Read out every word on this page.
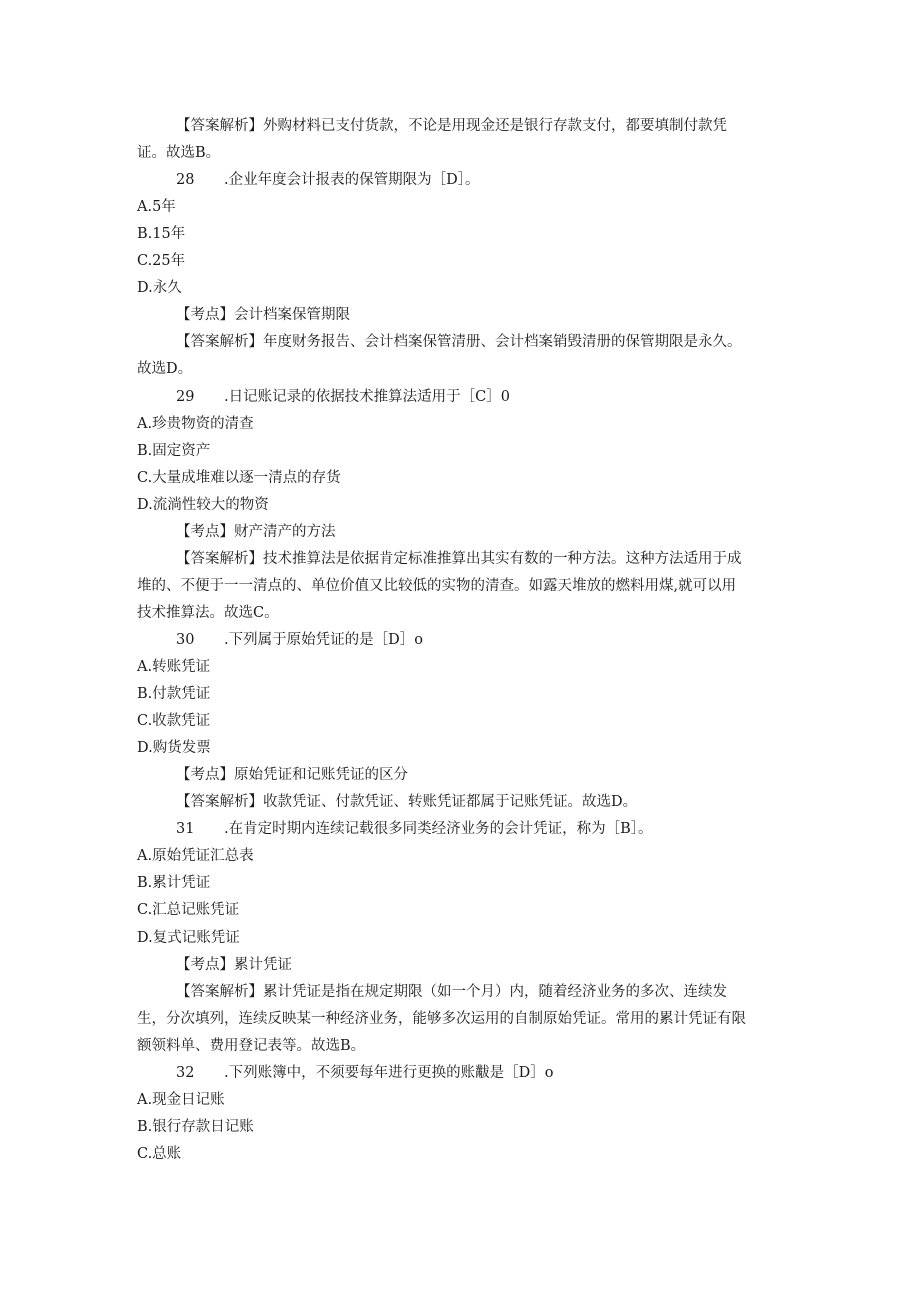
【答案解析】外购材料已支付货款，不论是用现金还是银行存款支付，都要填制付款凭
证。故选B。
28 .企业年度会计报表的保管期限为［D］。
A.5年
B.15年
C.25年
D.永久
【考点】会计档案保管期限
【答案解析】年度财务报告、会计档案保管清册、会计档案销毁清册的保管期限是永久。
故选D。
29 .日记账记录的依据技术推算法适用于［C］0
A.珍贵物资的清查
B.固定资产
C.大量成堆难以逐一清点的存货
D.流淌性较大的物资
【考点】财产清产的方法
【答案解析】技术推算法是依据肯定标准推算出其实有数的一种方法。这种方法适用于成
堆的、不便于一一清点的、单位价值又比较低的实物的清查。如露天堆放的燃料用煤,就可以用
技术推算法。故选C。
30 .下列属于原始凭证的是［D］o
A.转账凭证
B.付款凭证
C.收款凭证
D.购货发票
【考点】原始凭证和记账凭证的区分
【答案解析】收款凭证、付款凭证、转账凭证都属于记账凭证。故选D。
31 .在肯定时期内连续记载很多同类经济业务的会计凭证，称为［B］。
A.原始凭证汇总表
B.累计凭证
C.汇总记账凭证
D.复式记账凭证
【考点】累计凭证
【答案解析】累计凭证是指在规定期限（如一个月）内，随着经济业务的多次、连续发
生，分次填列，连续反映某一种经济业务，能够多次运用的自制原始凭证。常用的累计凭证有限
额领料单、费用登记表等。故选B。
32 .下列账簿中，不须要每年进行更换的账黻是［D］o
A.现金日记账
B.银行存款日记账
C.总账
